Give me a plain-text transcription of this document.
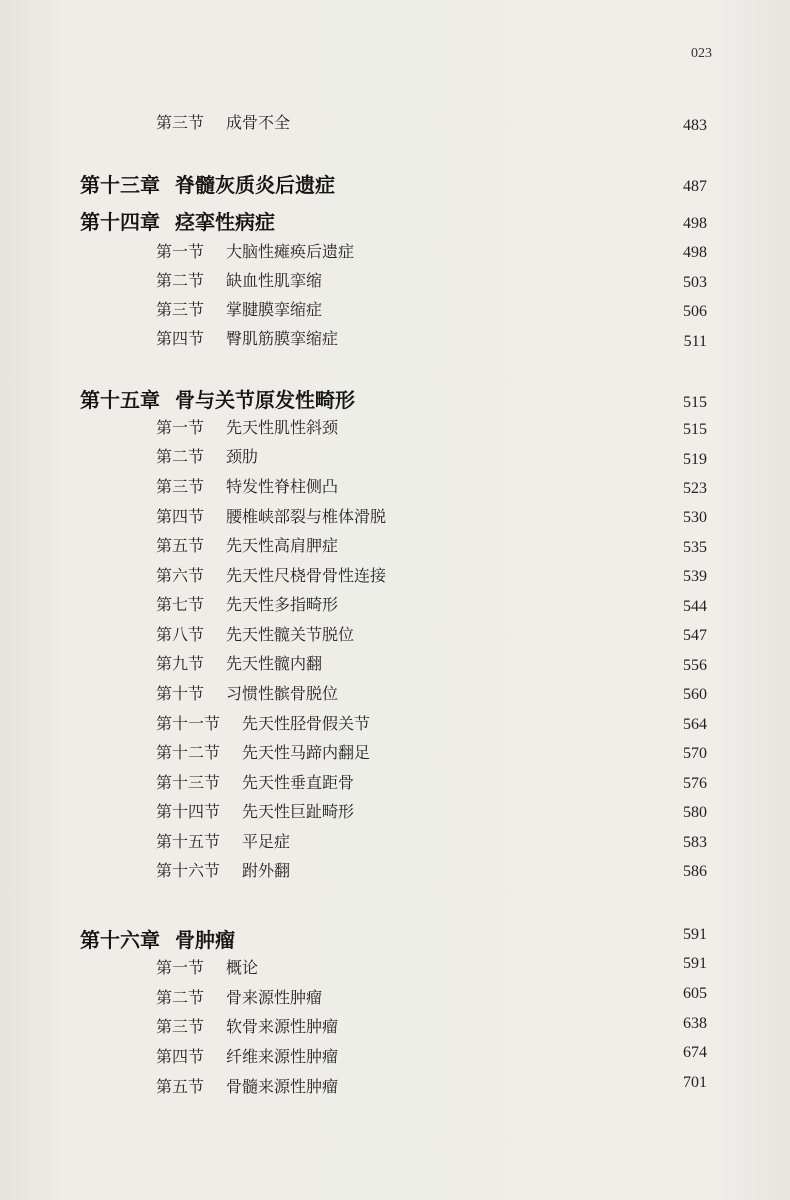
023
第三节 成骨不全	483
第十三章 脊髓灰质炎后遗症	487
第十四章 痉挛性病症	498
第一节 大脑性瘫痪后遗症	498
第二节 缺血性肌挛缩	503
第三节 掌腱膜挛缩症	506
第四节 臀肌筋膜挛缩症	511
第十五章 骨与关节原发性畸形	515
第一节 先天性肌性斜颈	515
第二节 颈肋	519
第三节 特发性脊柱侧凸	523
第四节 腰椎峡部裂与椎体滑脱	530
第五节 先天性高肩胛症	535
第六节 先天性尺桡骨骨性连接	539
第七节 先天性多指畸形	544
第八节 先天性髋关节脱位	547
第九节 先天性髋内翻	556
第十节 习惯性髌骨脱位	560
第十一节 先天性胫骨假关节	564
第十二节 先天性马蹄内翻足	570
第十三节 先天性垂直距骨	576
第十四节 先天性巨趾畸形	580
第十五节 平足症	583
第十六节 跗外翻	586
第十六章 骨肿瘤	591
第一节 概论	591
第二节 骨来源性肿瘤	605
第三节 软骨来源性肿瘤	638
第四节 纤维来源性肿瘤	674
第五节 骨髓来源性肿瘤	701
